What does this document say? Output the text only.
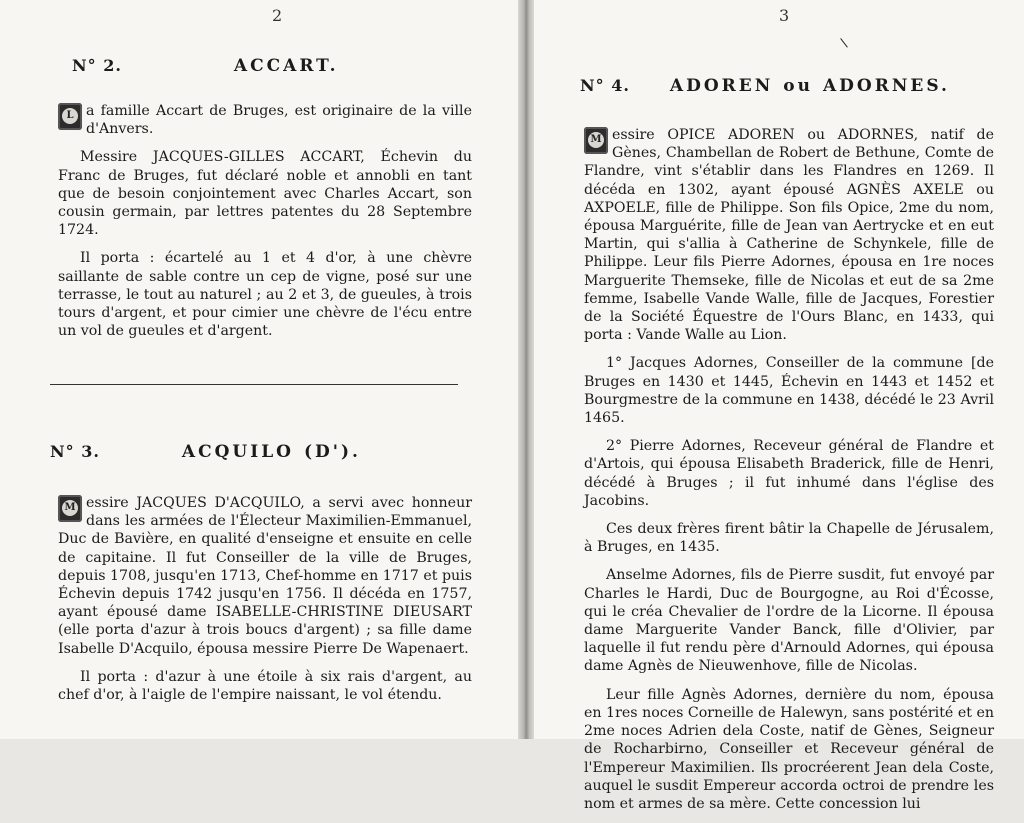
2
N° 2.	ACCART.

L a famille Accart de Bruges, est originaire de la ville d'Anvers.

Messire JACQUES-GILLES ACCART, Échevin du Franc de Bruges, fut déclaré noble et annobli en tant que de besoin conjointement avec Charles Accart, son cousin germain, par lettres patentes du 28 Septembre 1724.

Il porta : écartelé au 1 et 4 d'or, à une chèvre saillante de sable contre un cep de vigne, posé sur une terrasse, le tout au naturel ; au 2 et 3, de gueules, à trois tours d'argent, et pour cimier une chèvre de l'écu entre un vol de gueules et d'argent.

N° 3.	ACQUILO (D').

M essire JACQUES D'ACQUILO, a servi avec honneur dans les armées de l'Électeur Maximilien-Emmanuel, Duc de Bavière, en qualité d'enseigne et ensuite en celle de capitaine. Il fut Conseiller de la ville de Bruges, depuis 1708, jusqu'en 1713, Chef-homme en 1717 et puis Échevin depuis 1742 jusqu'en 1756. Il décéda en 1757, ayant épousé dame ISABELLE-CHRISTINE DIEUSART (elle porta d'azur à trois boucs d'argent) ; sa fille dame Isabelle D'Acquilo, épousa messire Pierre De Wapenaert.

Il porta : d'azur à une étoile à six rais d'argent, au chef d'or, à l'aigle de l'empire naissant, le vol étendu.

3
N° 4. ADOREN ou ADORNES.

M essire OPICE ADOREN ou ADORNES, natif de Gènes, Chambellan de Robert de Bethune, Comte de Flandre, vint s'établir dans les Flandres en 1269. Il décéda en 1302, ayant épousé AGNÈS AXELE ou AXPOELE, fille de Philippe. Son fils Opice, 2me du nom, épousa Marguérite, fille de Jean van Aertrycke et en eut Martin, qui s'allia à Catherine de Schynkele, fille de Philippe. Leur fils Pierre Adornes, épousa en 1re noces Marguerite Themseke, fille de Nicolas et eut de sa 2me femme, Isabelle Vande Walle, fille de Jacques, Forestier de la Société Équestre de l'Ours Blanc, en 1433, qui porta : Vande Walle au Lion.

1° Jacques Adornes, Conseiller de la commune [de Bruges en 1430 et 1445, Échevin en 1443 et 1452 et Bourgmestre de la commune en 1438, décédé le 23 Avril 1465.

2° Pierre Adornes, Receveur général de Flandre et d'Artois, qui épousa Elisabeth Braderick, fille de Henri, décédé à Bruges ; il fut inhumé dans l'église des Jacobins.

Ces deux frères firent bâtir la Chapelle de Jérusalem, à Bruges, en 1435.

Anselme Adornes, fils de Pierre susdit, fut envoyé par Charles le Hardi, Duc de Bourgogne, au Roi d'Écosse, qui le créa Chevalier de l'ordre de la Licorne. Il épousa dame Marguerite Vander Banck, fille d'Olivier, par laquelle il fut rendu père d'Arnould Adornes, qui épousa dame Agnès de Nieuwenhove, fille de Nicolas.

Leur fille Agnès Adornes, dernière du nom, épousa en 1res noces Corneille de Halewyn, sans postérité et en 2me noces Adrien dela Coste, natif de Gènes, Seigneur de Rocharbirno, Conseiller et Receveur général de l'Empereur Maximilien. Ils procréerent Jean dela Coste, auquel le susdit Empereur accorda octroi de prendre les nom et armes de sa mère. Cette concession lui

\
